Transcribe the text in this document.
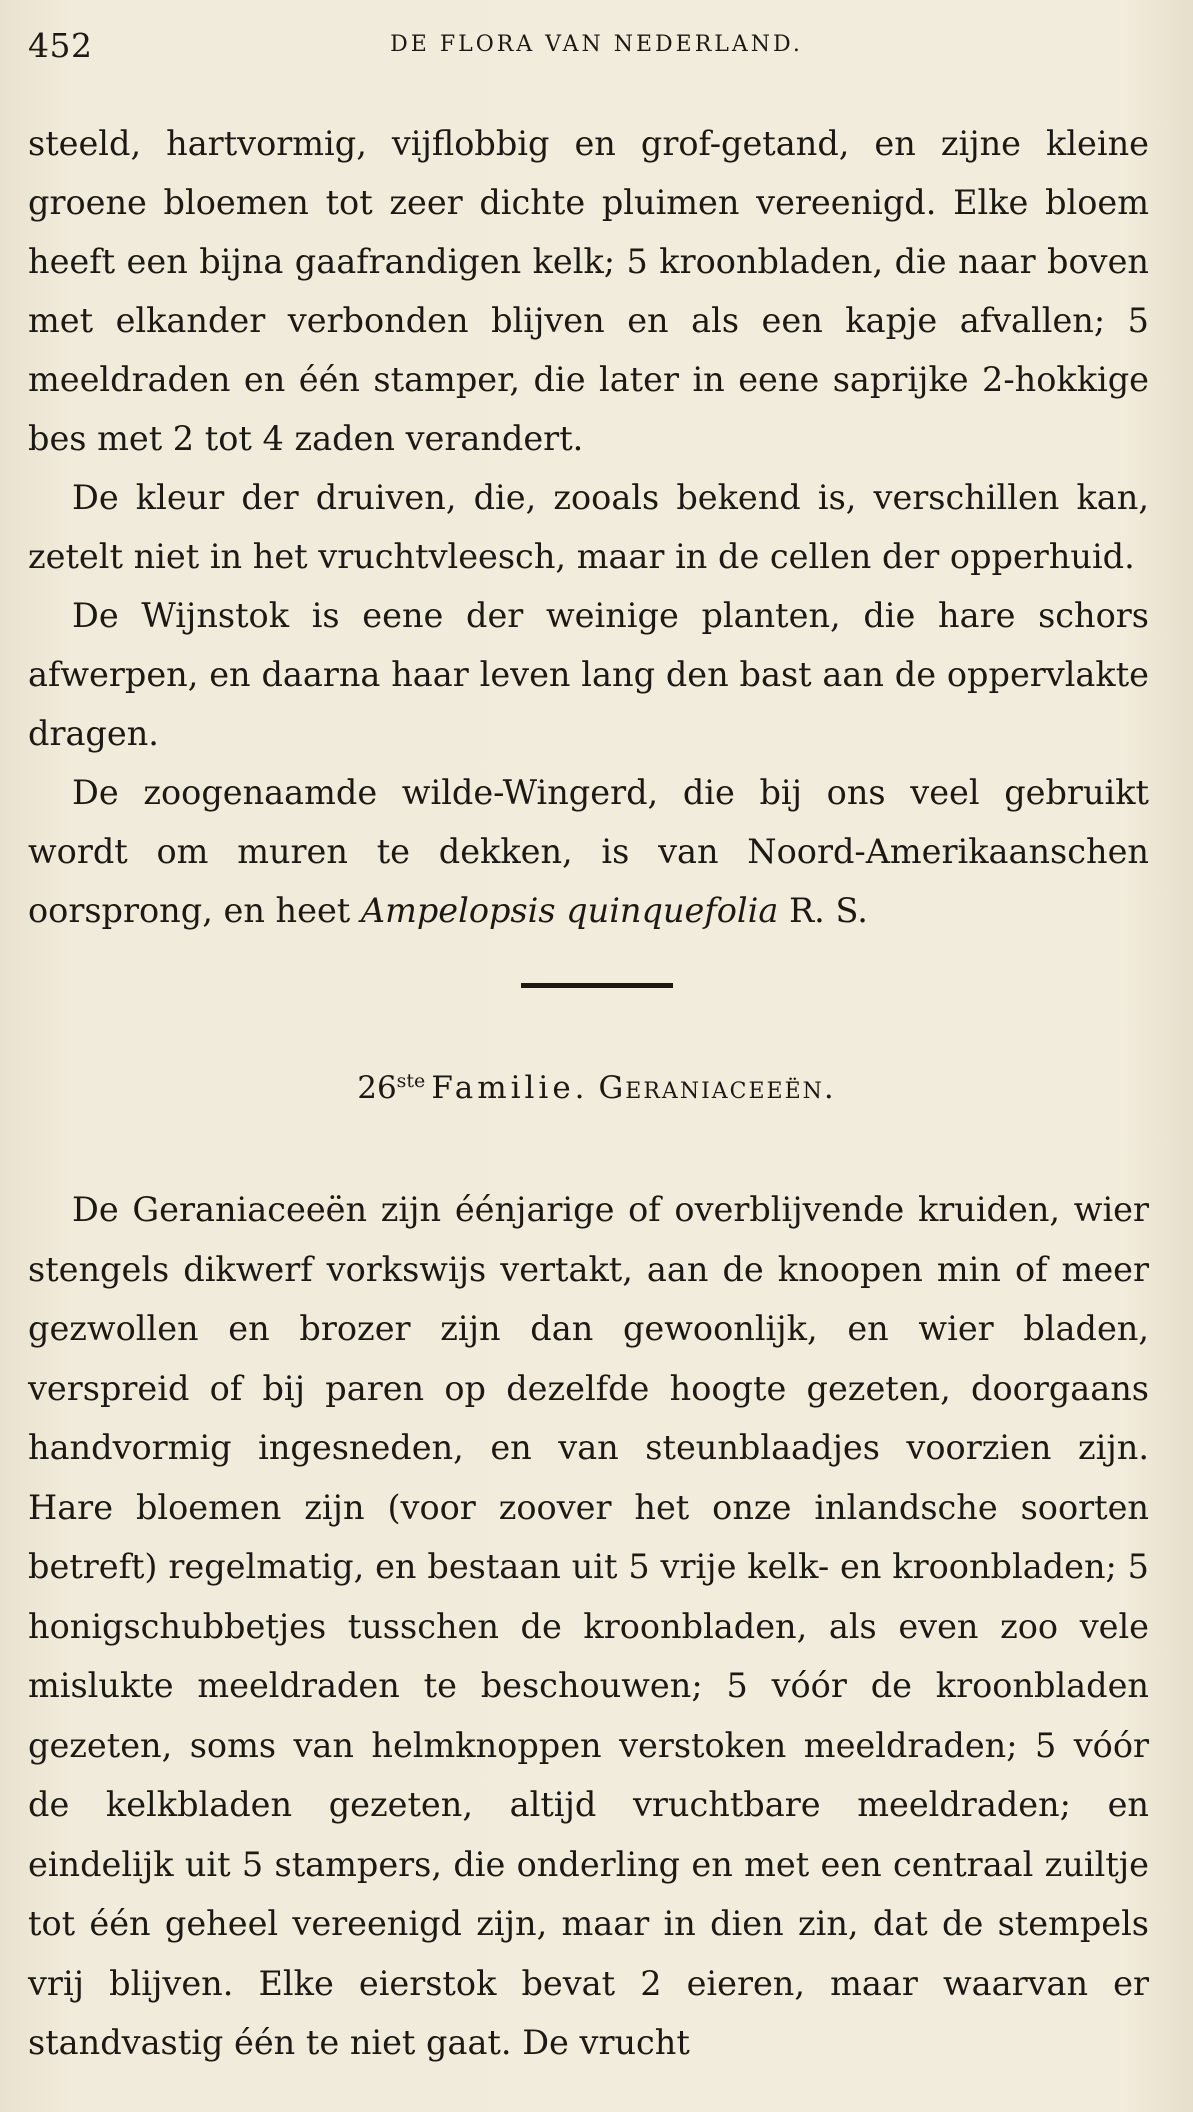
452	DE FLORA VAN NEDERLAND.

steeld, hartvormig, vijflobbig en grof-getand, en zijne kleine groene bloemen tot zeer dichte pluimen vereenigd. Elke bloem heeft een bijna gaafrandigen kelk; 5 kroonbladen, die naar boven met elkander verbonden blijven en als een kapje afvallen; 5 meeldraden en één stamper, die later in eene saprijke 2-hokkige bes met 2 tot 4 zaden verandert.

De kleur der druiven, die, zooals bekend is, verschillen kan, zetelt niet in het vruchtvleesch, maar in de cellen der opperhuid.

De Wijnstok is eene der weinige planten, die hare schors afwerpen, en daarna haar leven lang den bast aan de oppervlakte dragen.

De zoogenaamde wilde-Wingerd, die bij ons veel gebruikt wordt om muren te dekken, is van Noord-Amerikaanschen oorsprong, en heet Ampelopsis quinquefolia R. S.

26ste Familie. Geraniaceeën.

De Geraniaceeën zijn éénjarige of overblijvende kruiden, wier stengels dikwerf vorkswijs vertakt, aan de knoopen min of meer gezwollen en brozer zijn dan gewoonlijk, en wier bladen, verspreid of bij paren op dezelfde hoogte gezeten, doorgaans handvormig ingesneden, en van steunblaadjes voorzien zijn. Hare bloemen zijn (voor zoover het onze inlandsche soorten betreft) regelmatig, en bestaan uit 5 vrije kelk- en kroonbladen; 5 honigschubbetjes tusschen de kroonbladen, als even zoo vele mislukte meeldraden te beschouwen; 5 vóór de kroonbladen gezeten, soms van helmknoppen verstoken meeldraden; 5 vóór de kelkbladen gezeten, altijd vruchtbare meeldraden; en eindelijk uit 5 stampers, die onderling en met een centraal zuiltje tot één geheel vereenigd zijn, maar in dien zin, dat de stempels vrij blijven. Elke eierstok bevat 2 eieren, maar waarvan er standvastig één te niet gaat. De vrucht
